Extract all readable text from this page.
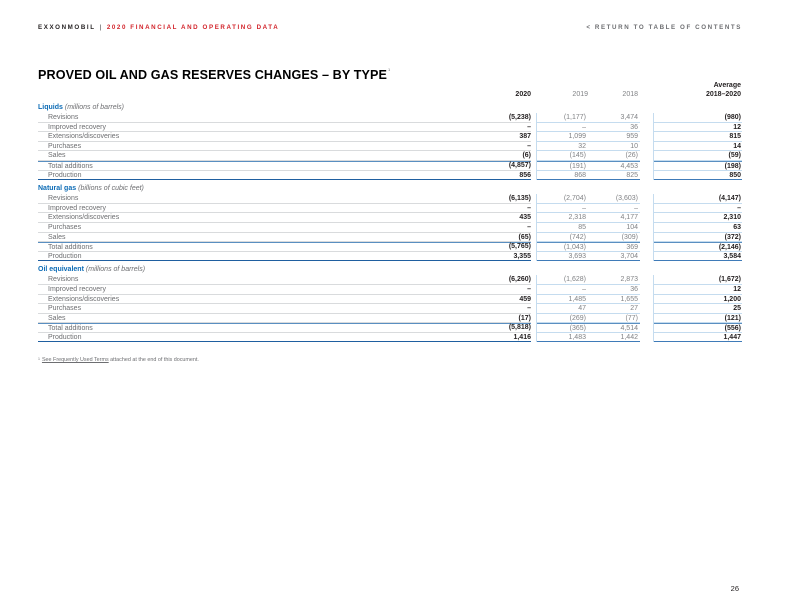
EXXONMOBIL | 2020 FINANCIAL AND OPERATING DATA	< RETURN TO TABLE OF CONTENTS
PROVED OIL AND GAS RESERVES CHANGES – BY TYPE$^1$
2020	2019	2018
Average
2018–2020
Liquids (millions of barrels)
Revisions	(5,238)	(1,177)	3,474	(980)
Improved recovery	–	–	36	12
Extensions/discoveries	387	1,099	959	815
Purchases	–	32	10	14
Sales	(6)	(145)	(26)	(59)
Total additions	(4,857)	(191)	4,453	(198)
Production	856	868	825	850
Natural gas (billions of cubic feet)
Revisions	(6,135)	(2,704)	(3,603)	(4,147)
Improved recovery	–	–	–	–
Extensions/discoveries	435	2,318	4,177	2,310
Purchases	–	85	104	63
Sales	(65)	(742)	(309)	(372)
Total additions	(5,765)	(1,043)	369	(2,146)
Production	3,355	3,693	3,704	3,584
Oil equivalent (millions of barrels)
Revisions	(6,260)	(1,628)	2,873	(1,672)
Improved recovery	–	–	36	12
Extensions/discoveries	459	1,485	1,655	1,200
Purchases	–	47	27	25
Sales	(17)	(269)	(77)	(121)
Total additions	(5,818)	(365)	4,514	(556)
Production	1,416	1,483	1,442	1,447
$^1$ See Frequently Used Terms attached at the end of this document.
26
